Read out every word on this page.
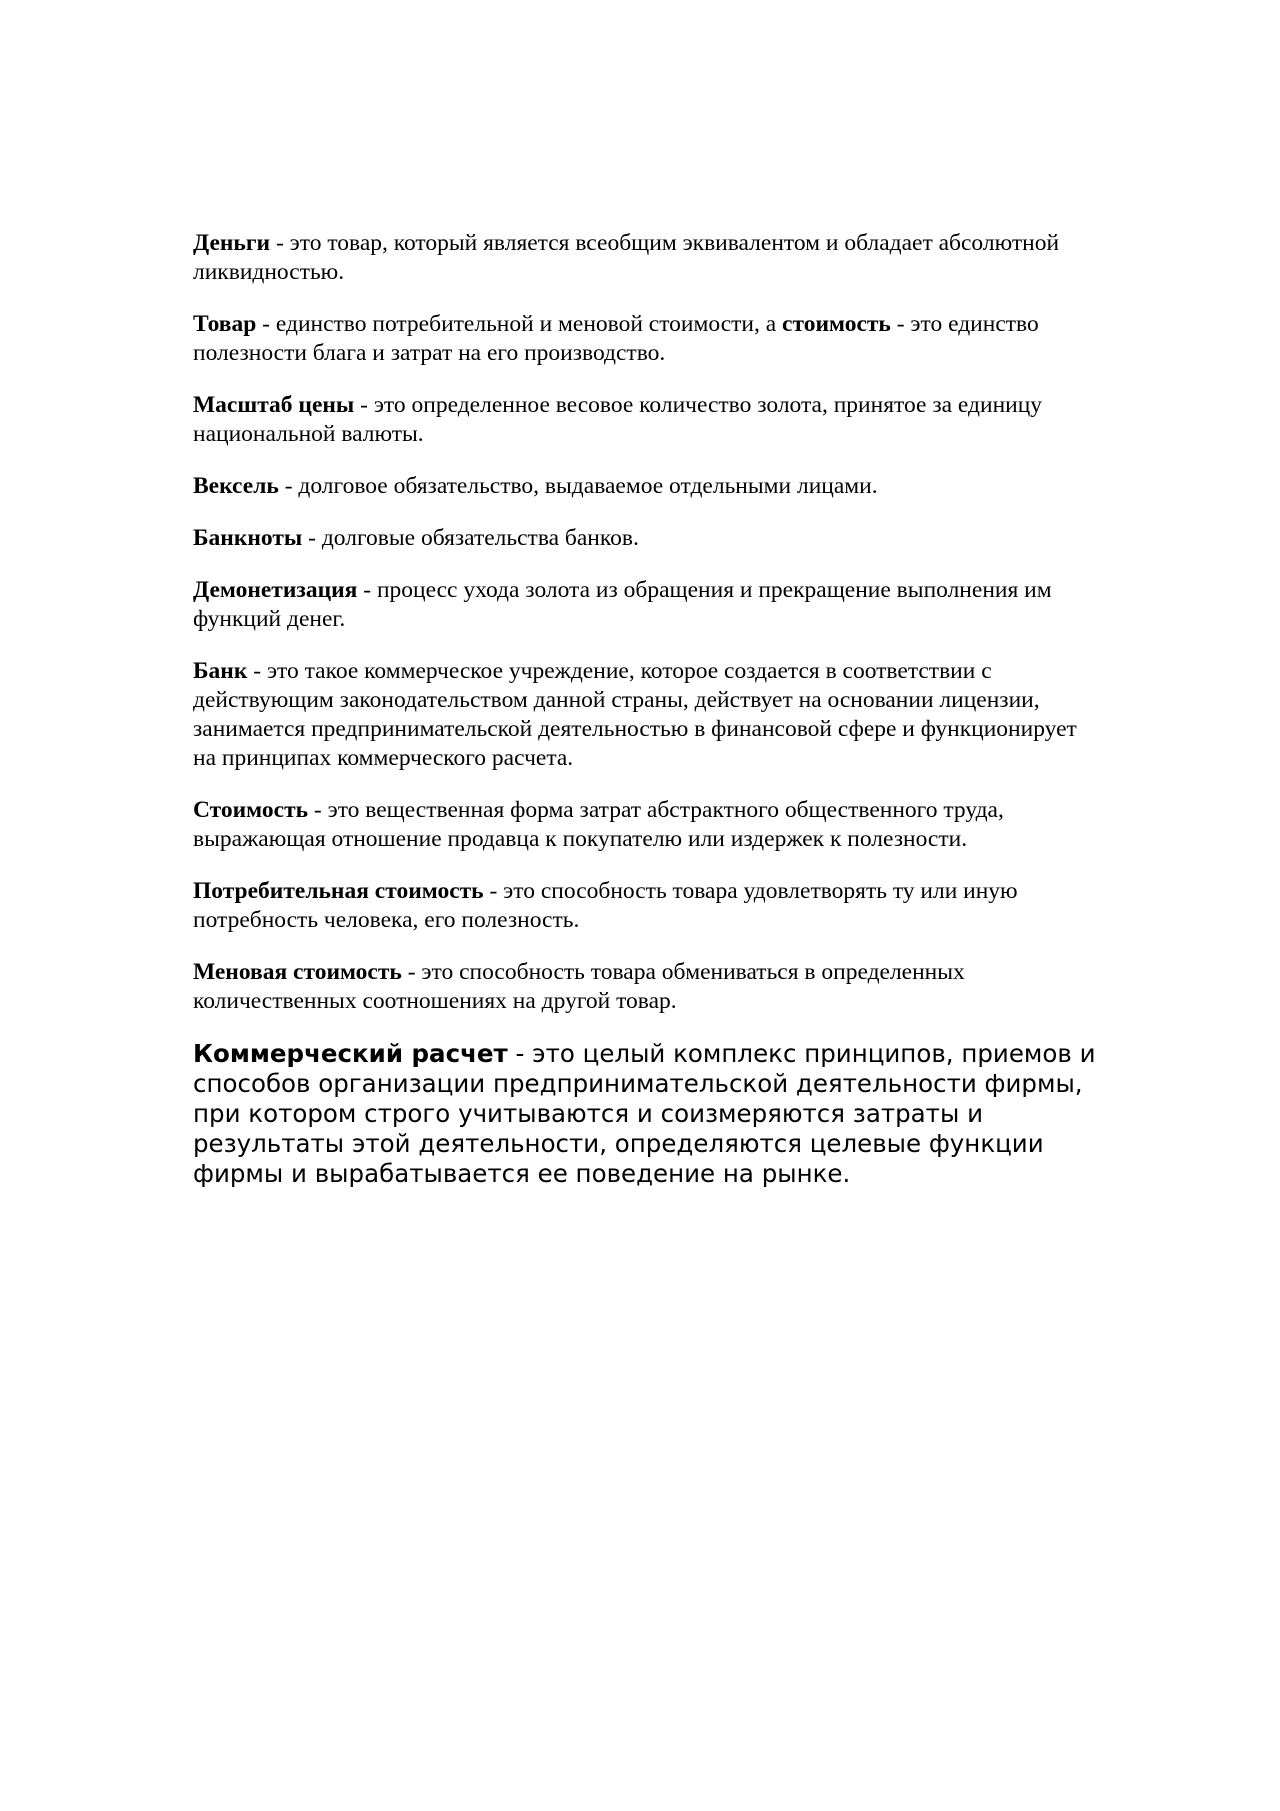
Деньги - это товар, который является всеобщим эквивалентом и обладает абсолютной ликвидностью.

Товар - единство потребительной и меновой стоимости, а стоимость - это единство полезности блага и затрат на его производство.

Масштаб цены - это определенное весовое количество золота, принятое за единицу национальной валюты.

Вексель - долговое обязательство, выдаваемое отдельными лицами.

Банкноты - долговые обязательства банков.

Демонетизация - процесс ухода золота из обращения и прекращение выполнения им функций денег.

Банк - это такое коммерческое учреждение, которое создается в соответствии с действующим законодательством данной страны, действует на основании лицензии, занимается предпринимательской деятельностью в финансовой сфере и функционирует на принципах коммерческого расчета.

Стоимость - это вещественная форма затрат абстрактного общественного труда, выражающая отношение продавца к покупателю или издержек к полезности.

Потребительная стоимость - это способность товара удовлетворять ту или иную потребность человека, его полезность.

Меновая стоимость - это способность товара обмениваться в определенных количественных соотношениях на другой товар.

Коммерческий расчет - это целый комплекс принципов, приемов и способов организации предпринимательской деятельности фирмы, при котором строго учитываются и соизмеряются затраты и результаты этой деятельности, определяются целевые функции фирмы и вырабатывается ее поведение на рынке.
